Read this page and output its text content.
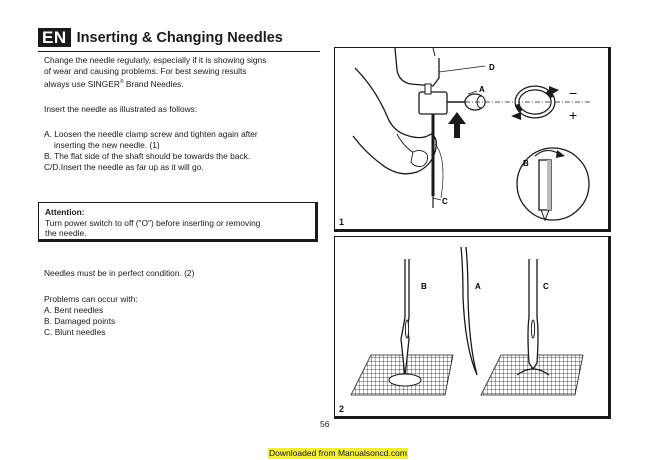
EN Inserting & Changing Needles
Change the needle regularly, especially if it is showing signs
of wear and causing problems. For best sewing results
always use SINGER® Brand Needles.
Insert the needle as illustrated as follows:
A. Loosen the needle clamp screw and tighten again after
inserting the new needle. (1)
B. The flat side of the shaft should be towards the back.
C/D.Insert the needle as far up as it will go.
Attention:
Turn power switch to off ("O") before inserting or removing
the needle.
Needles must be in perfect condition. (2)
Problems can occur with:
A. Bent needles
B. Damaged points
C. Blunt needles
B
D
A
C
−
+
1
B	A	C
2
56
Downloaded from Manualsoncd.com
